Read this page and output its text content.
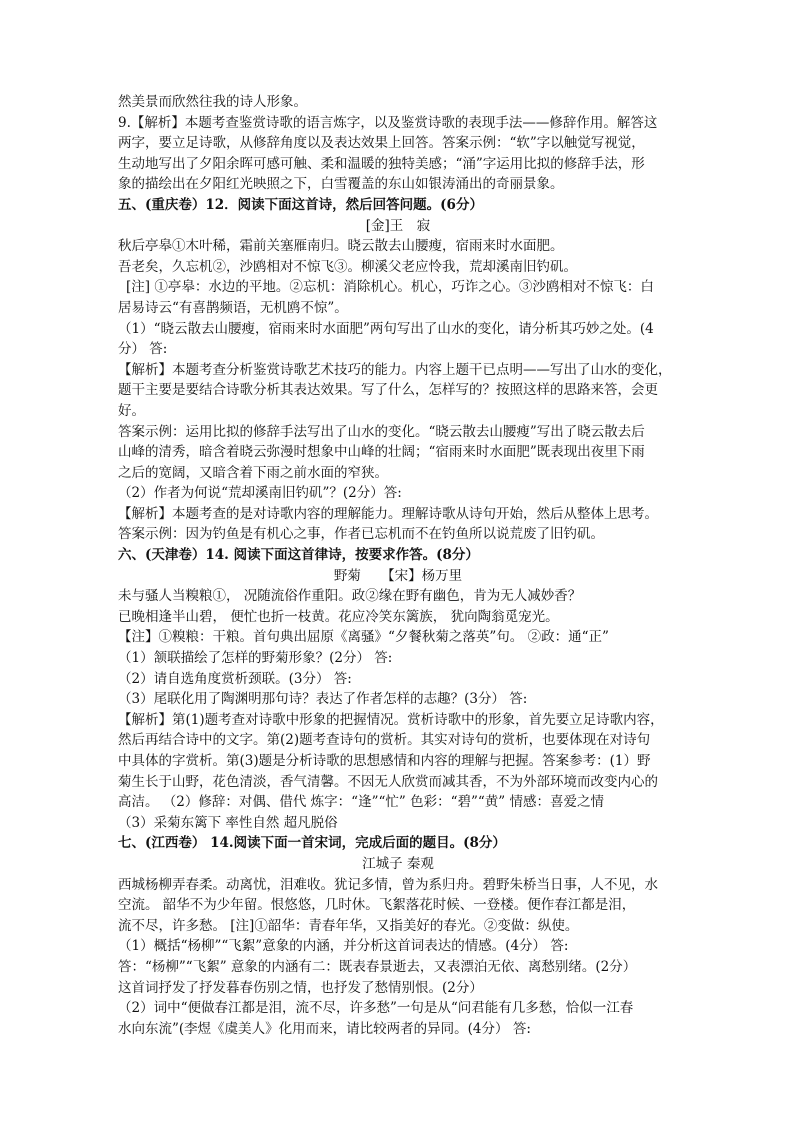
然美景而欣然往我的诗人形象。
9.【解析】本题考查鉴赏诗歌的语言炼字，以及鉴赏诗歌的表现手法——修辞作用。解答这
两字，要立足诗歌，从修辞角度以及表达效果上回答。答案示例：“软”字以触觉写视觉，
生动地写出了夕阳余晖可感可触、柔和温暖的独特美感；“涌”字运用比拟的修辞手法，形
象的描绘出在夕阳红光映照之下，白雪覆盖的东山如银涛涌出的奇丽景象。
五、(重庆卷）12．阅读下面这首诗，然后回答问题。(6分）
[金]王　寂
秋后亭皋①木叶稀，霜前关塞雁南归。晓云散去山腰瘦，宿雨来时水面肥。
吾老矣，久忘机②，沙鸥相对不惊飞③。柳溪父老应怜我，荒却溪南旧钓矶。
[注] ①亭皋：水边的平地。②忘机：消除机心。机心，巧诈之心。③沙鸥相对不惊飞：白
居易诗云“有喜鹊频语，无机鸥不惊”。
（1）“晓云散去山腰瘦，宿雨来时水面肥”两句写出了山水的变化，请分析其巧妙之处。(4
分） 答:
【解析】本题考查分析鉴赏诗歌艺术技巧的能力。内容上题干已点明——写出了山水的变化，
题干主要是要结合诗歌分析其表达效果。写了什么，怎样写的？按照这样的思路来答，会更
好。
答案示例：运用比拟的修辞手法写出了山水的变化。“晓云散去山腰瘦”写出了晓云散去后
山峰的清秀，暗含着晓云弥漫时想象中山峰的壮阔；“宿雨来时水面肥”既表现出夜里下雨
之后的宽阔，又暗含着下雨之前水面的窄狭。
（2）作者为何说“荒却溪南旧钓矶”？(2分）答:
【解析】本题考查的是对诗歌内容的理解能力。理解诗歌从诗句开始，然后从整体上思考。
答案示例：因为钓鱼是有机心之事，作者已忘机而不在钓鱼所以说荒废了旧钓矶。
六、(天津卷）14. 阅读下面这首律诗，按要求作答。(8分）
野菊　　【宋】杨万里
未与骚人当糗粮①， 况随流俗作重阳。政②缘在野有幽色，肯为无人减妙香？
已晚相逢半山碧， 便忙也折一枝黄。花应冷笑东篱族， 犹向陶翁觅宠光。
【注】①糗粮：干粮。首句典出屈原《离骚》“夕餐秋菊之落英”句。 ②政：通“正”
（1）颔联描绘了怎样的野菊形象？(2分） 答:
（2）请自选角度赏析颈联。(3分） 答:
（3）尾联化用了陶渊明那句诗？表达了作者怎样的志趣？(3分） 答:
【解析】第(1)题考查对诗歌中形象的把握情况。赏析诗歌中的形象，首先要立足诗歌内容，
然后再结合诗中的文字。第(2)题考查诗句的赏析。其实对诗句的赏析，也要体现在对诗句
中具体的字赏析。第(3)题是分析诗歌的思想感情和内容的理解与把握。答案参考：(1）野
菊生长于山野，花色清淡，香气清馨。不因无人欣赏而减其香，不为外部环境而改变内心的
高洁。 （2）修辞：对偶、借代 炼字：“逢”“忙” 色彩：“碧”“黄” 情感：喜爱之情
（3）采菊东篱下 率性自然 超凡脱俗
七、(江西卷） 14.阅读下面一首宋词，完成后面的题目。(8分）
江城子 秦观
西城杨柳弄春柔。动离忧，泪难收。犹记多情，曾为系归舟。碧野朱桥当日事，人不见，水
空流。 韶华不为少年留。恨悠悠，几时休。飞絮落花时候、一登楼。便作春江都是泪，
流不尽，许多愁。 [注]①韶华：青春年华，又指美好的春光。②变做：纵使。
（1）概括“杨柳”“飞絮”意象的内涵，并分析这首词表达的情感。(4分） 答:
答：“杨柳”“飞絮” 意象的内涵有二：既表春景逝去，又表漂泊无依、离愁别绪。(2分）
这首词抒发了抒发暮春伤别之情，也抒发了愁情别恨。(2分）
（2）词中“便做春江都是泪，流不尽，许多愁”一句是从“问君能有几多愁，恰似一江春
水向东流”(李煜《虞美人》化用而来，请比较两者的异同。(4分） 答:
